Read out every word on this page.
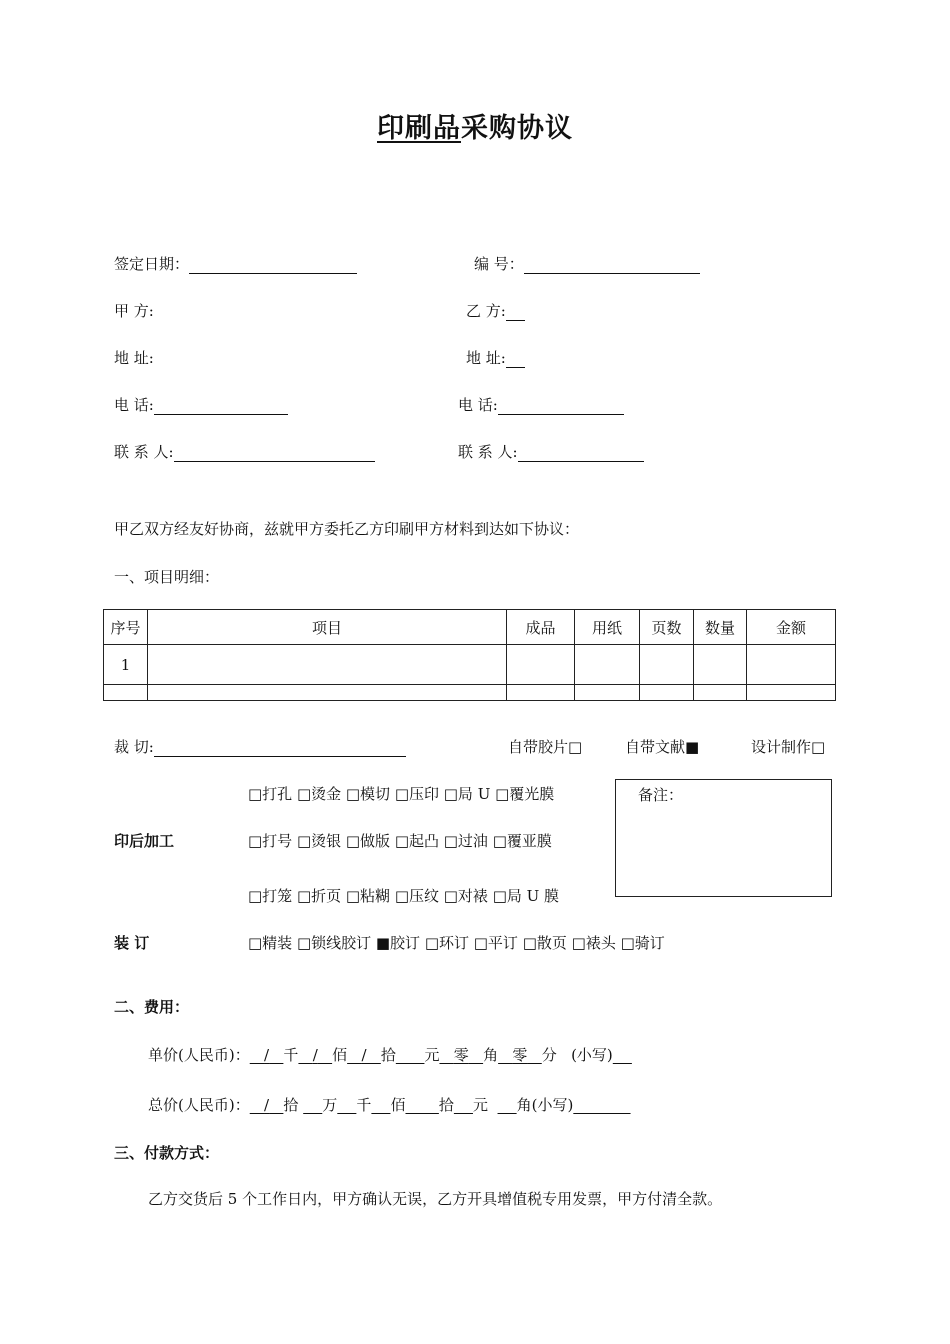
印刷品采购协议
签定日期：	编 号：
甲 方:	乙 方:
地 址:	地 址:
电 话:	电 话:
联 系 人:	联 系 人:
甲乙双方经友好协商，兹就甲方委托乙方印刷甲方材料到达如下协议：
一、项目明细：
序号	项目	成品	用纸	页数	数量	金额
1						

裁 切:	自带胶片□	自带文献■	设计制作□
□打孔 □烫金 □模切 □压印 □局 U □覆光膜
印后加工	□打号 □烫银 □做版 □起凸 □过油 □覆亚膜
□打笼 □折页 □粘糊 □压纹 □对裱 □局 U 膜
备注：
装 订	□精装 □锁线胶订 ■胶订 □环订 □平订 □散页 □裱头 □骑订
二、费用：
单价(人民币)： / 千 / 佰 / 拾 元 零 角 零 分 (小写)
总价(人民币)： / 拾 万 千 佰 拾 元 角(小写)
三、付款方式：
乙方交货后 5 个工作日内，甲方确认无误，乙方开具增值税专用发票，甲方付清全款。
